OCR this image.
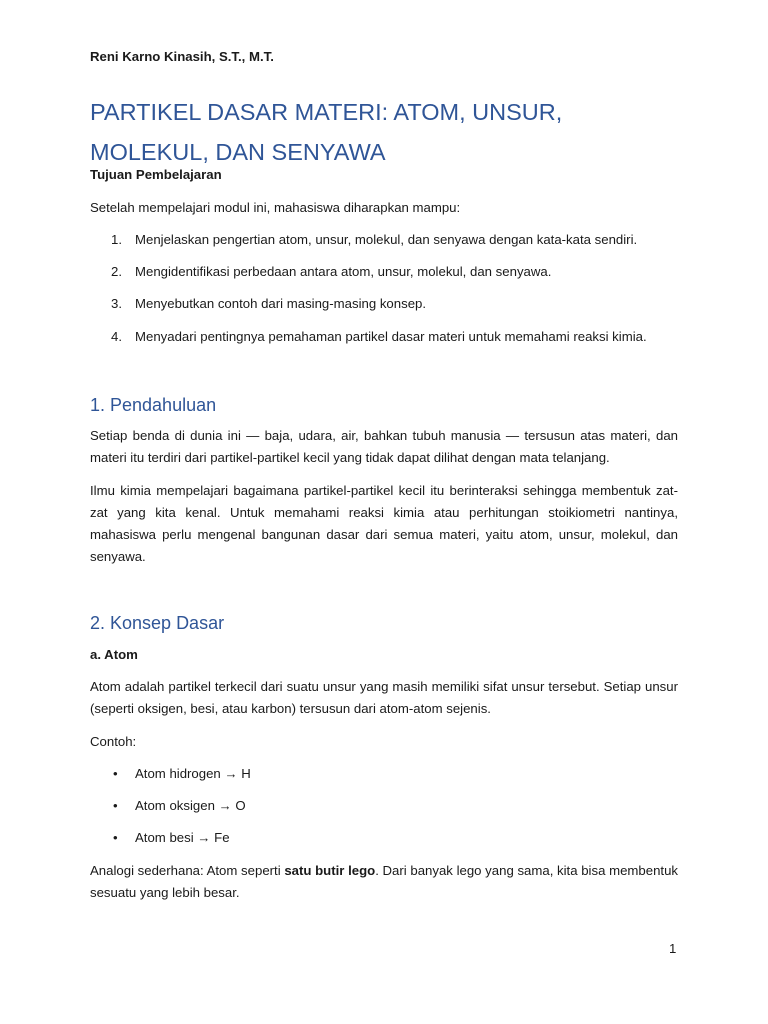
Reni Karno Kinasih, S.T., M.T.
PARTIKEL DASAR MATERI: ATOM, UNSUR, MOLEKUL, DAN SENYAWA
Tujuan Pembelajaran

Setelah mempelajari modul ini, mahasiswa diharapkan mampu:

1. Menjelaskan pengertian atom, unsur, molekul, dan senyawa dengan kata-kata sendiri.
2. Mengidentifikasi perbedaan antara atom, unsur, molekul, dan senyawa.
3. Menyebutkan contoh dari masing-masing konsep.
4. Menyadari pentingnya pemahaman partikel dasar materi untuk memahami reaksi kimia.
1. Pendahuluan

Setiap benda di dunia ini — baja, udara, air, bahkan tubuh manusia — tersusun atas materi, dan materi itu terdiri dari partikel-partikel kecil yang tidak dapat dilihat dengan mata telanjang.

Ilmu kimia mempelajari bagaimana partikel-partikel kecil itu berinteraksi sehingga membentuk zat-zat yang kita kenal. Untuk memahami reaksi kimia atau perhitungan stoikiometri nantinya, mahasiswa perlu mengenal bangunan dasar dari semua materi, yaitu atom, unsur, molekul, dan senyawa.

2. Konsep Dasar
a. Atom

Atom adalah partikel terkecil dari suatu unsur yang masih memiliki sifat unsur tersebut. Setiap unsur (seperti oksigen, besi, atau karbon) tersusun dari atom-atom sejenis.

Contoh:

• Atom hidrogen → H
• Atom oksigen → O
• Atom besi → Fe

Analogi sederhana: Atom seperti satu butir lego. Dari banyak lego yang sama, kita bisa membentuk sesuatu yang lebih besar.

1
